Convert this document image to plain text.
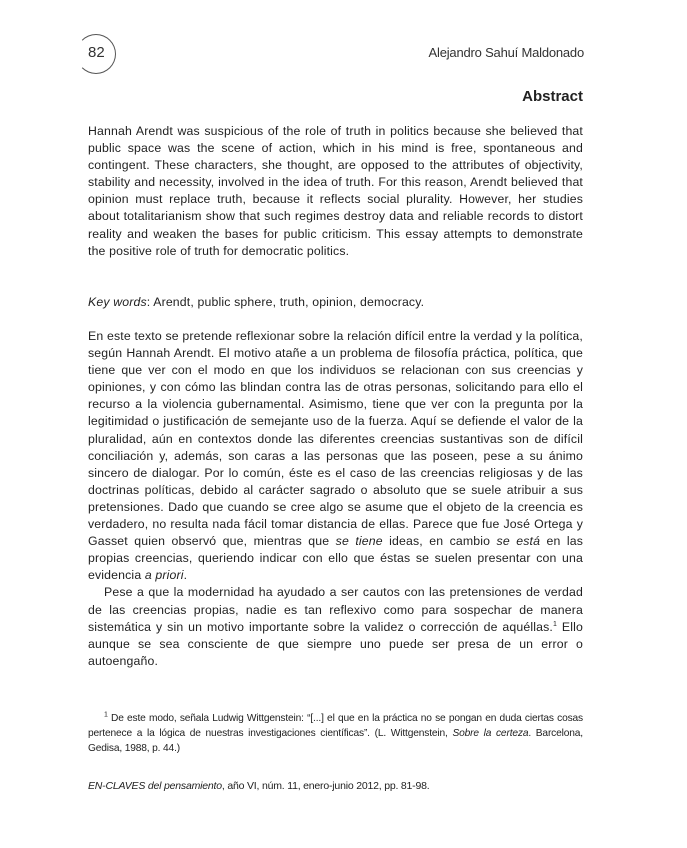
82	Alejandro Sahuí Maldonado
Abstract
Hannah Arendt was suspicious of the role of truth in politics because she believed that public space was the scene of action, which in his mind is free, spontaneous and contingent. These characters, she thought, are opposed to the attributes of objectivity, stability and necessity, involved in the idea of truth. For this reason, Arendt believed that opinion must replace truth, because it reflects social plurality. However, her studies about totalitarianism show that such regimes destroy data and reliable records to distort reality and weaken the bases for public criticism. This essay attempts to demonstrate the positive role of truth for democratic politics.
Key words: Arendt, public sphere, truth, opinion, democracy.

En este texto se pretende reflexionar sobre la relación difícil entre la verdad y la política, según Hannah Arendt. El motivo atañe a un problema de filosofía práctica, política, que tiene que ver con el modo en que los individuos se relacionan con sus creencias y opiniones, y con cómo las blindan contra las de otras personas, solicitando para ello el recurso a la violencia gubernamental. Asimismo, tiene que ver con la pregunta por la legitimidad o justificación de semejante uso de la fuerza. Aquí se defiende el valor de la pluralidad, aún en contextos donde las diferentes creencias sustantivas son de difícil conciliación y, además, son caras a las personas que las poseen, pese a su ánimo sincero de dialogar. Por lo común, éste es el caso de las creencias religiosas y de las doctrinas políticas, debido al carácter sagrado o absoluto que se suele atribuir a sus pretensiones. Dado que cuando se cree algo se asume que el objeto de la creencia es verdadero, no resulta nada fácil tomar distancia de ellas. Parece que fue José Ortega y Gasset quien observó que, mientras que se tiene ideas, en cambio se está en las propias creencias, queriendo indicar con ello que éstas se suelen presentar con una evidencia a priori.

Pese a que la modernidad ha ayudado a ser cautos con las pretensiones de verdad de las creencias propias, nadie es tan reflexivo como para sospechar de manera sistemática y sin un motivo importante sobre la validez o corrección de aquéllas.$^1$ Ello aunque se sea consciente de que siempre uno puede ser presa de un error o autoengaño.

$^1$ De este modo, señala Ludwig Wittgenstein: “[...] el que en la práctica no se pongan en duda ciertas cosas pertenece a la lógica de nuestras investigaciones científicas”. (L. Wittgenstein, Sobre la certeza. Barcelona, Gedisa, 1988, p. 44.)
EN-CLAVES del pensamiento, año VI, núm. 11, enero-junio 2012, pp. 81-98.
